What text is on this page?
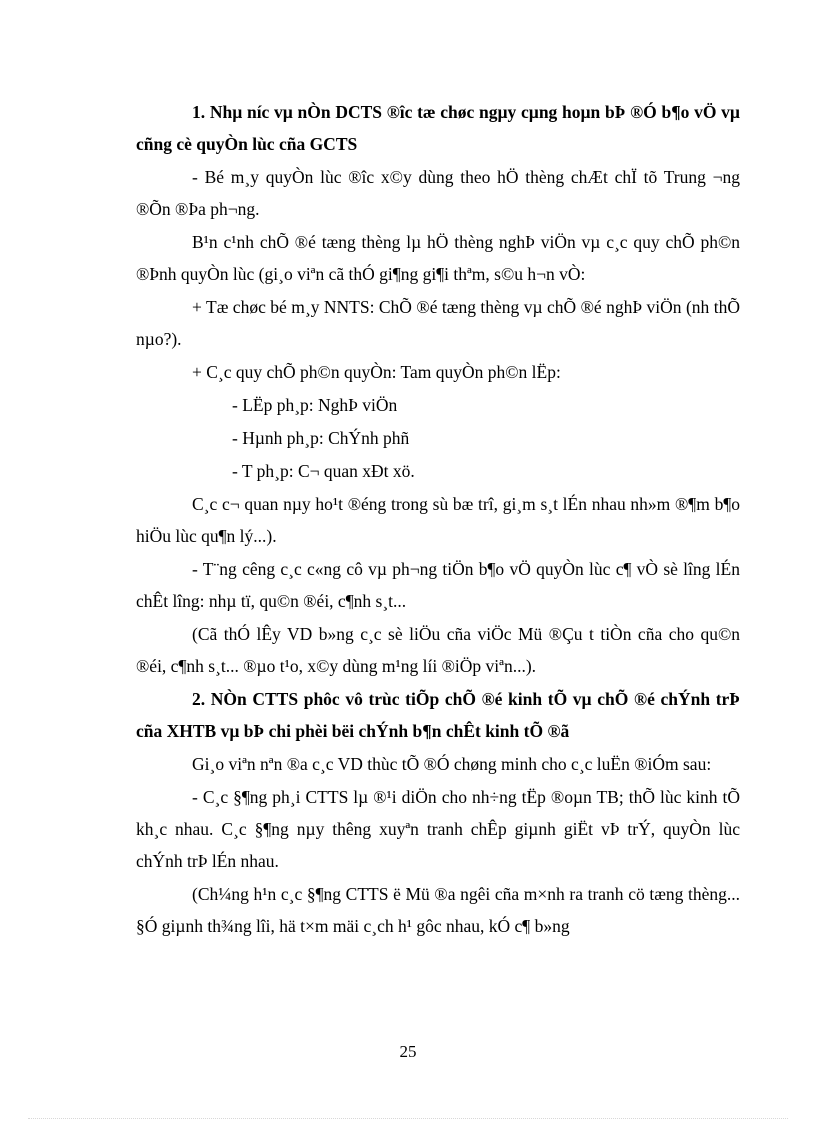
1. Nhµ níc vµ nÒn DCTS ®îc tæ chøc ngµy cµng hoµn bÞ ®Ó b¶o vÖ vµ cñng cè quyÒn lùc cña GCTS

- Bé m¸y quyÒn lùc ®îc x©y dùng theo hÖ thèng chÆt chÏ tõ Trung ¬ng ®Õn ®Þa ph¬ng.

B¹n c¹nh chÕ ®é tæng thèng lµ hÖ thèng nghÞ viÖn vµ c¸c quy chÕ ph©n ®Þnh quyÒn lùc (gi¸o viªn cã thÓ gi¶ng gi¶i thªm, s©u h¬n vÒ:

+ Tæ chøc bé m¸y NNTS: ChÕ ®é tæng thèng vµ chÕ ®é nghÞ viÖn (nh thÕ nµo?).

+ C¸c quy chÕ ph©n quyÒn: Tam quyÒn ph©n lËp:

- LËp ph¸p: NghÞ viÖn

- Hµnh ph¸p: ChÝnh phñ

- T ph¸p: C¬ quan xÐt xö.

C¸c c¬ quan nµy ho¹t ®éng trong sù bæ trî, gi¸m s¸t lÉn nhau nh»m ®¶m b¶o hiÖu lùc qu¶n lý...).

- T¨ng cêng c¸c c«ng cô vµ ph¬ng tiÖn b¶o vÖ quyÒn lùc c¶ vÒ sè lîng lÉn chÊt lîng: nhµ tï, qu©n ®éi, c¶nh s¸t...

(Cã thÓ lÊy VD b»ng c¸c sè liÖu cña viÖc Mü ®Çu t tiÒn cña cho qu©n ®éi, c¶nh s¸t... ®µo t¹o, x©y dùng m¹ng líi ®iÖp viªn...).

2. NÒn CTTS phôc vô trùc tiÕp chÕ ®é kinh tÕ vµ chÕ ®é chÝnh trÞ cña XHTB vµ bÞ chi phèi bëi chÝnh b¶n chÊt kinh tÕ ®ã

Gi¸o viªn nªn ®a c¸c VD thùc tÕ ®Ó chøng minh cho c¸c luËn ®iÓm sau:

- C¸c §¶ng ph¸i CTTS lµ ®¹i diÖn cho nh÷ng tËp ®oµn TB; thÕ lùc kinh tÕ kh¸c nhau. C¸c §¶ng nµy thêng xuyªn tranh chÊp giµnh giËt vÞ trÝ, quyÒn lùc chÝnh trÞ lÉn nhau.

(Ch¼ng h¹n c¸c §¶ng CTTS ë Mü ®a ngêi cña m×nh ra tranh cö tæng thèng... §Ó giµnh th¾ng lîi, hä t×m mäi c¸ch h¹ gôc nhau, kÓ c¶ b»ng

25
